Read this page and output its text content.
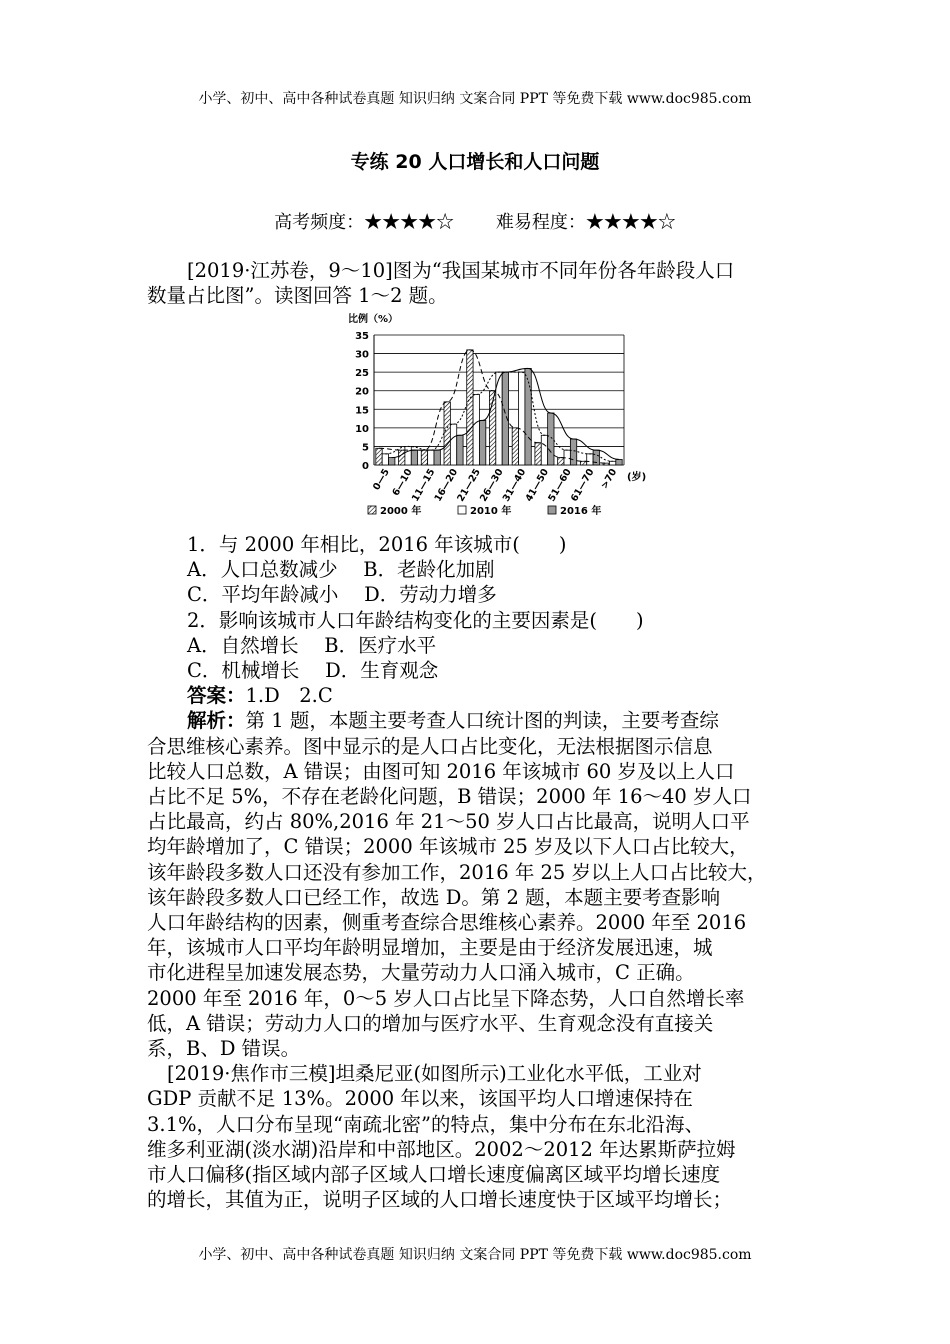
小学、初中、高中各种试卷真题 知识归纳 文案合同 PPT 等免费下载 www.doc985.com
专练 20 人口增长和人口问题
高考频度：★★★★☆ 难易程度：★★★★☆
[2019·江苏卷，9～10]图为“我国某城市不同年份各年龄段人口
数量占比图”。读图回答 1～2 题。
比例（%）
0
5
10
15
20
25
30
35
0—5
6—10
11—15
16—20
21—25
26—30
31—40
41—50
51—60
61—70 >70 (岁)
2000 年	2010 年	2016 年
1．与 2000 年相比，2016 年该城市(　　)
A．人口总数减少　 B．老龄化加剧
C．平均年龄减小　 D．劳动力增多
2．影响该城市人口年龄结构变化的主要因素是(　　)
A．自然增长　 B．医疗水平
C．机械增长　 D．生育观念
答案：1.D　2.C
解析：第 1 题，本题主要考查人口统计图的判读，主要考查综
合思维核心素养。图中显示的是人口占比变化，无法根据图示信息
比较人口总数，A 错误；由图可知 2016 年该城市 60 岁及以上人口
占比不足 5%，不存在老龄化问题，B 错误；2000 年 16～40 岁人口
占比最高，约占 80%,2016 年 21～50 岁人口占比最高，说明人口平
均年龄增加了，C 错误；2000 年该城市 25 岁及以下人口占比较大，
该年龄段多数人口还没有参加工作，2016 年 25 岁以上人口占比较大，
该年龄段多数人口已经工作，故选 D。第 2 题，本题主要考查影响
人口年龄结构的因素，侧重考查综合思维核心素养。2000 年至 2016
年，该城市人口平均年龄明显增加，主要是由于经济发展迅速，城
市化进程呈加速发展态势，大量劳动力人口涌入城市，C 正确。
2000 年至 2016 年，0～5 岁人口占比呈下降态势，人口自然增长率
低，A 错误；劳动力人口的增加与医疗水平、生育观念没有直接关
系，B、D 错误。
[2019·焦作市三模]坦桑尼亚(如图所示)工业化水平低，工业对
GDP 贡献不足 13%。2000 年以来，该国平均人口增速保持在
3.1%，人口分布呈现“南疏北密”的特点，集中分布在东北沿海、
维多利亚湖(淡水湖)沿岸和中部地区。2002～2012 年达累斯萨拉姆
市人口偏移(指区域内部子区域人口增长速度偏离区域平均增长速度
的增长，其值为正，说明子区域的人口增长速度快于区域平均增长；
小学、初中、高中各种试卷真题 知识归纳 文案合同 PPT 等免费下载 www.doc985.com
